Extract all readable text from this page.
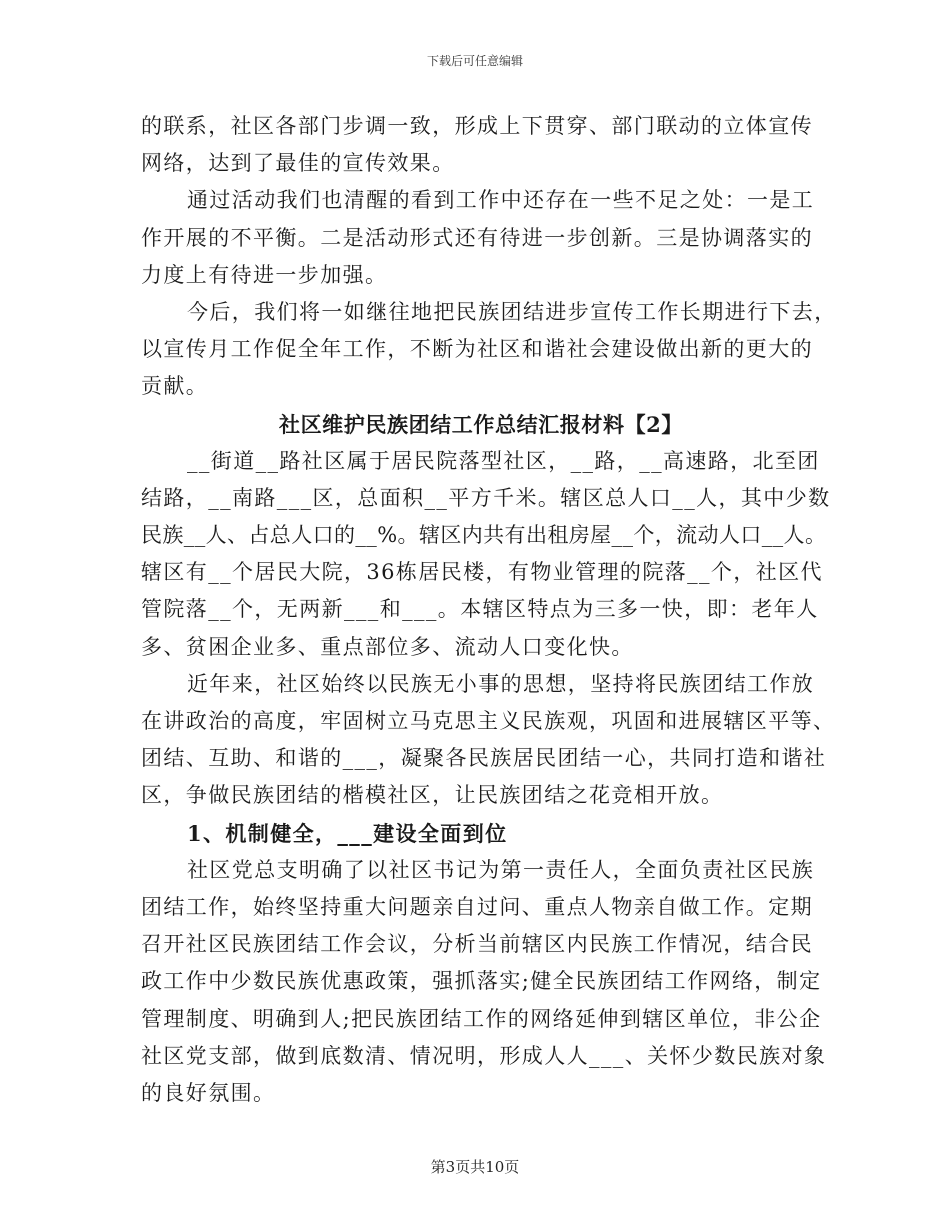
下载后可任意编辑
的联系，社区各部门步调一致，形成上下贯穿、部门联动的立体宣传
网络，达到了最佳的宣传效果。
通过活动我们也清醒的看到工作中还存在一些不足之处：一是工
作开展的不平衡。二是活动形式还有待进一步创新。三是协调落实的
力度上有待进一步加强。
今后，我们将一如继往地把民族团结进步宣传工作长期进行下去，
以宣传月工作促全年工作，不断为社区和谐社会建设做出新的更大的
贡献。
社区维护民族团结工作总结汇报材料【2】
__街道__路社区属于居民院落型社区，__路，__高速路，北至团
结路，__南路___区，总面积__平方千米。辖区总人口__人，其中少数
民族__人、占总人口的__%。辖区内共有出租房屋__个，流动人口__人。
辖区有__个居民大院，36栋居民楼，有物业管理的院落__个，社区代
管院落__个，无两新___和___。本辖区特点为三多一快，即：老年人
多、贫困企业多、重点部位多、流动人口变化快。
近年来，社区始终以民族无小事的思想，坚持将民族团结工作放
在讲政治的高度，牢固树立马克思主义民族观，巩固和进展辖区平等、
团结、互助、和谐的___，凝聚各民族居民团结一心，共同打造和谐社
区，争做民族团结的楷模社区，让民族团结之花竞相开放。
1、机制健全，___建设全面到位
社区党总支明确了以社区书记为第一责任人，全面负责社区民族
团结工作，始终坚持重大问题亲自过问、重点人物亲自做工作。定期
召开社区民族团结工作会议，分析当前辖区内民族工作情况，结合民
政工作中少数民族优惠政策，强抓落实;健全民族团结工作网络，制定
管理制度、明确到人;把民族团结工作的网络延伸到辖区单位，非公企
社区党支部，做到底数清、情况明，形成人人___、关怀少数民族对象
的良好氛围。
第3页共10页
